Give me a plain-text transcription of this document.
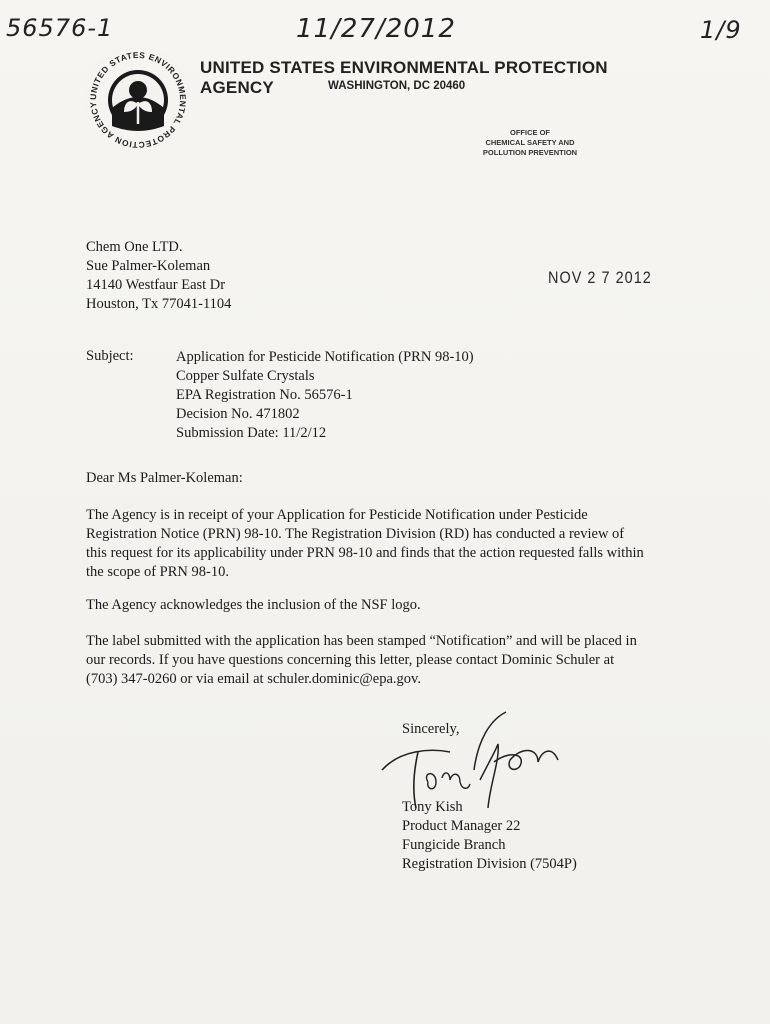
56576-1	11/27/2012	1/9
UNITED STATES ENVIRONMENTAL PROTECTION AGENCY
UNITED STATES ENVIRONMENTAL PROTECTION AGENCY	WASHINGTON, DC 20460
OFFICE OF
CHEMICAL SAFETY AND
POLLUTION PREVENTION
Chem One LTD.
Sue Palmer-Koleman
14140 Westfaur East Dr
Houston, Tx 77041-1104
NOV 2 7 2012
Subject:	Application for Pesticide Notification (PRN 98-10)
Copper Sulfate Crystals
EPA Registration No. 56576-1
Decision No. 471802
Submission Date: 11/2/12
Dear Ms Palmer-Koleman:
The Agency is in receipt of your Application for Pesticide Notification under Pesticide
Registration Notice (PRN) 98-10. The Registration Division (RD) has conducted a review of
this request for its applicability under PRN 98-10 and finds that the action requested falls within
the scope of PRN 98-10.
The Agency acknowledges the inclusion of the NSF logo.
The label submitted with the application has been stamped “Notification” and will be placed in
our records. If you have questions concerning this letter, please contact Dominic Schuler at
(703) 347-0260 or via email at schuler.dominic@epa.gov.
Sincerely,
Tony Kish
Product Manager 22
Fungicide Branch
Registration Division (7504P)
